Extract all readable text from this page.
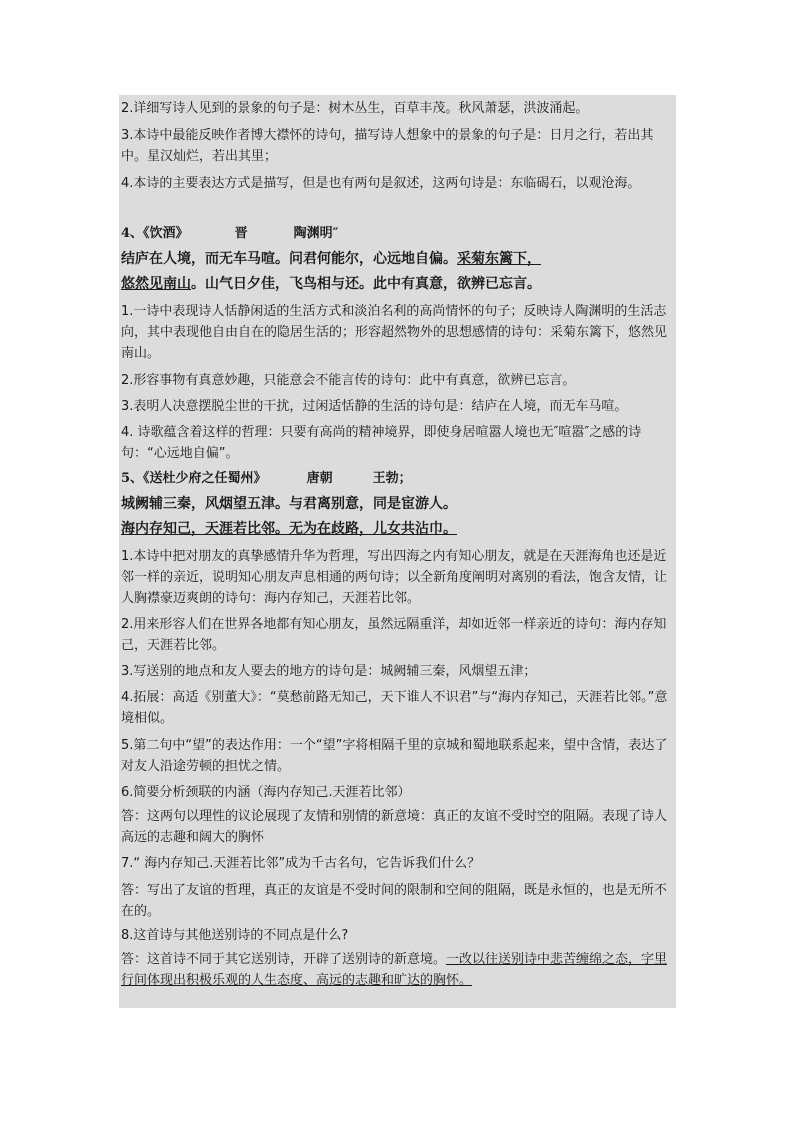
2.详细写诗人见到的景象的句子是：树木丛生，百草丰茂。秋风萧瑟，洪波涌起。

3.本诗中最能反映作者博大襟怀的诗句，描写诗人想象中的景象的句子是：日月之行，若出其中。星汉灿烂，若出其里；

4.本诗的主要表达方式是描写，但是也有两句是叙述，这两句诗是：东临碣石，以观沧海。

4、《饮酒》	晋	陶渊明″
结庐在人境，而无车马喧。问君何能尔，心远地自偏。采菊东篱下，
悠然见南山。山气日夕佳，飞鸟相与还。此中有真意，欲辨已忘言。

1.一诗中表现诗人恬静闲适的生活方式和淡泊名利的高尚情怀的句子；反映诗人陶渊明的生活志向，其中表现他自由自在的隐居生活的；形容超然物外的思想感情的诗句：采菊东篱下，悠然见南山。

2.形容事物有真意妙趣，只能意会不能言传的诗句：此中有真意，欲辨已忘言。

3.表明人决意摆脱尘世的干扰，过闲适恬静的生活的诗句是：结庐在人境，而无车马喧。

4. 诗歌蕴含着这样的哲理：只要有高尚的精神境界，即使身居喧嚣人境也无″喧嚣″之感的诗句：“心远地自偏”。

5、《送杜少府之任蜀州》	唐朝	王勃；
城阙辅三秦，风烟望五津。与君离别意，同是宦游人。
海内存知己，天涯若比邻。无为在歧路，儿女共沾巾。

1.本诗中把对朋友的真挚感情升华为哲理，写出四海之内有知心朋友，就是在天涯海角也还是近邻一样的亲近，说明知心朋友声息相通的两句诗；以全新角度阐明对离别的看法，饱含友情，让人胸襟豪迈爽朗的诗句：海内存知己，天涯若比邻。

2.用来形容人们在世界各地都有知心朋友，虽然远隔重洋，却如近邻一样亲近的诗句：海内存知己，天涯若比邻。

3.写送别的地点和友人要去的地方的诗句是：城阙辅三秦，风烟望五津；

4.拓展：高适《别董大》：“莫愁前路无知己，天下谁人不识君”与“海内存知己，天涯若比邻。”意境相似。

5.第二句中“望”的表达作用：一个“望”字将相隔千里的京城和蜀地联系起来，望中含情，表达了对友人沿途劳顿的担忧之情。

6.简要分析颈联的内涵（海内存知己.天涯若比邻）

答：这两句以理性的议论展现了友情和别情的新意境：真正的友谊不受时空的阻隔。表现了诗人高远的志趣和阔大的胸怀

7.“ 海内存知己.天涯若比邻”成为千古名句，它告诉我们什么？

答：写出了友谊的哲理，真正的友谊是不受时间的限制和空间的阻隔，既是永恒的，也是无所不在的。

8.这首诗与其他送别诗的不同点是什么?

答：这首诗不同于其它送别诗，开辟了送别诗的新意境。一改以往送别诗中悲苦缠绵之态，字里行间体现出积极乐观的人生态度、高远的志趣和旷达的胸怀。
